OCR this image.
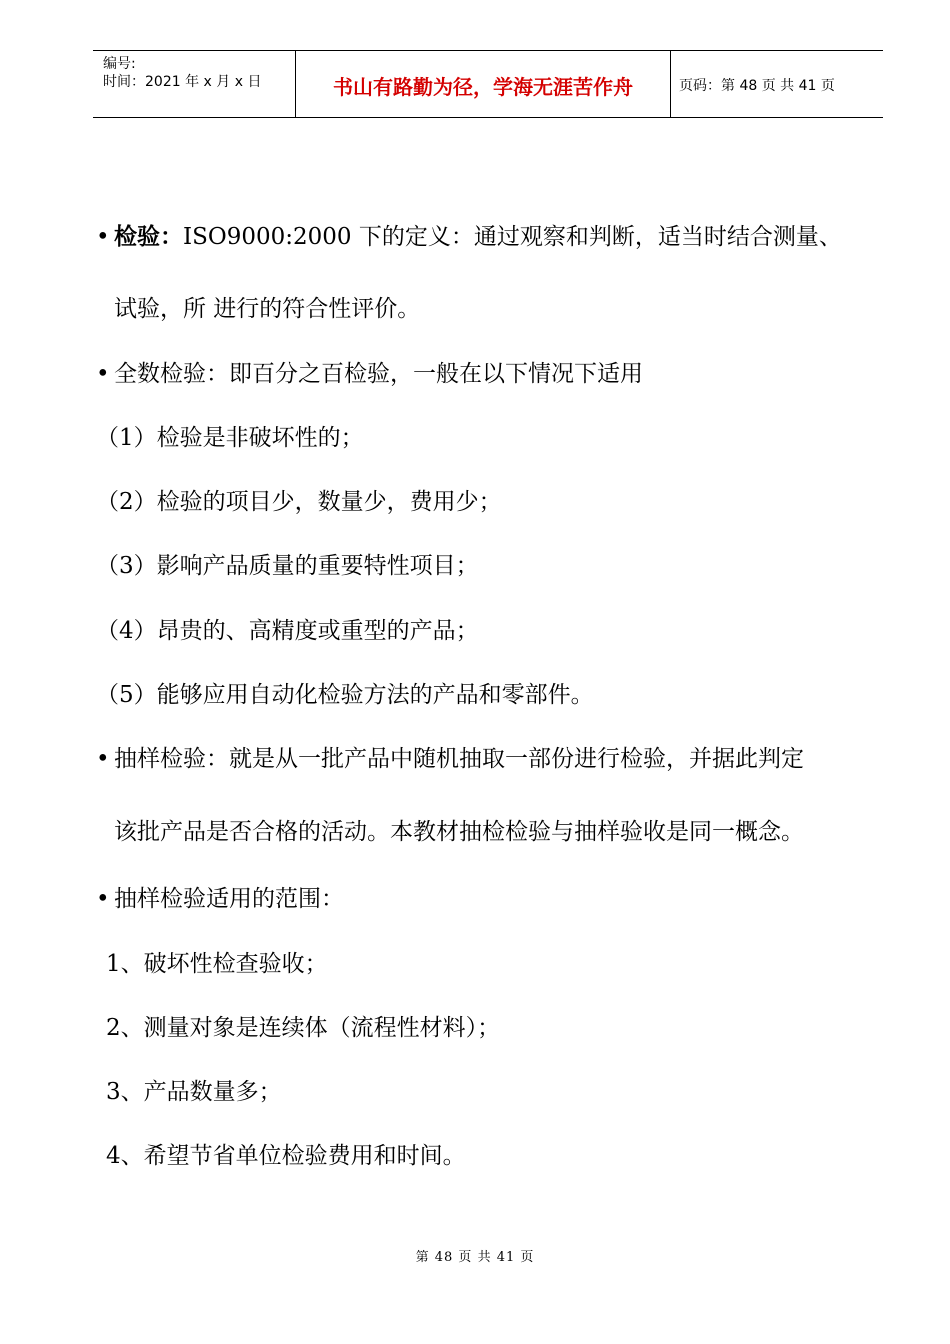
编号:
时间：2021 年 x 月 x 日	书山有路勤为径，学海无涯苦作舟	页码：第 48 页 共 41 页
• 检验：ISO9000:2000 下的定义：通过观察和判断，适当时结合测量、
试验，所 进行的符合性评价。
• 全数检验：即百分之百检验，一般在以下情况下适用
（1）检验是非破坏性的；
（2）检验的项目少，数量少，费用少；
（3）影响产品质量的重要特性项目；
（4）昂贵的、高精度或重型的产品；
（5）能够应用自动化检验方法的产品和零部件。
• 抽样检验：就是从一批产品中随机抽取一部份进行检验，并据此判定
该批产品是否合格的活动。本教材抽检检验与抽样验收是同一概念。
• 抽样检验适用的范围：
1、破坏性检查验收；
2、测量对象是连续体（流程性材料）；
3、产品数量多；
4、希望节省单位检验费用和时间。
第 48 页 共 41 页
